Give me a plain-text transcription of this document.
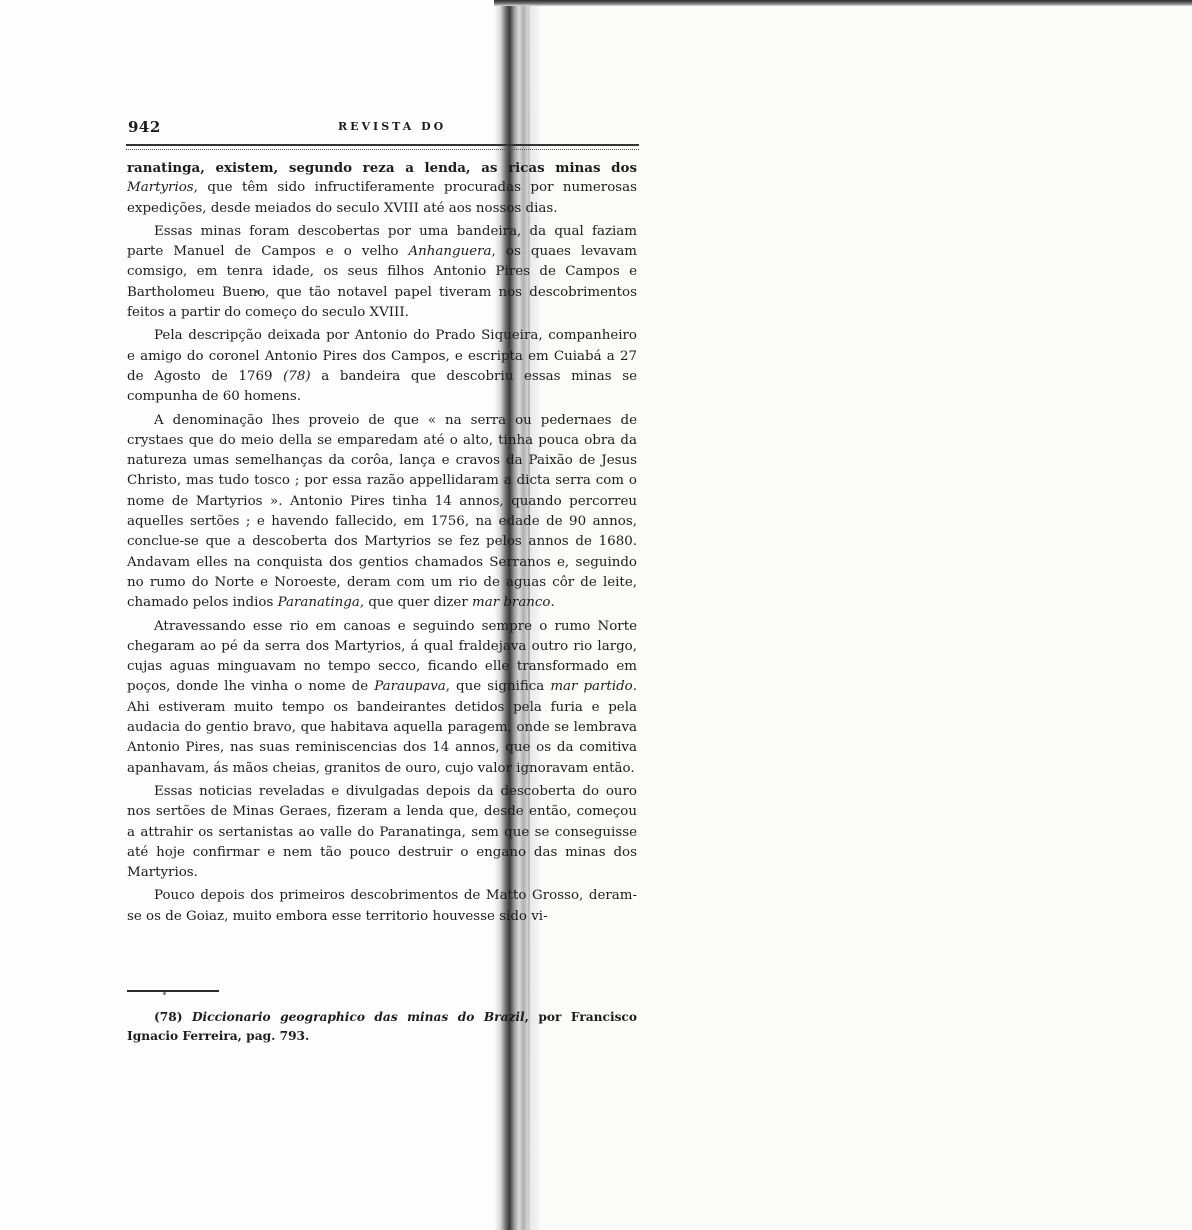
942	REVISTA DO

ranatinga, existem, segundo reza a lenda, as ricas minas dos Martyrios, que têm sido infructiferamente procuradas por numerosas expedições, desde meiados do seculo XVIII até aos nossos dias.

Essas minas foram descobertas por uma bandeira, da qual faziam parte Manuel de Campos e o velho Anhanguera, os quaes levavam comsigo, em tenra idade, os seus filhos Antonio Pires de Campos e Bartholomeu Bueno, que tão notavel papel tiveram nos descobrimentos feitos a partir do começo do seculo XVIII.

Pela descripção deixada por Antonio do Prado Siqueira, companheiro e amigo do coronel Antonio Pires dos Campos, e escripta em Cuiabá a 27 de Agosto de 1769 (78) a bandeira que descobriu essas minas se compunha de 60 homens.

A denominação lhes proveio de que « na serra ou pedernaes de crystaes que do meio della se emparedam até o alto, tinha pouca obra da natureza umas semelhanças da corôa, lança e cravos da Paixão de Jesus Christo, mas tudo tosco ; por essa razão appellidaram a dicta serra com o nome de Martyrios ». Antonio Pires tinha 14 annos, quando percorreu aquelles sertões ; e havendo fallecido, em 1756, na edade de 90 annos, conclue-se que a descoberta dos Martyrios se fez pelos annos de 1680. Andavam elles na conquista dos gentios chamados Serranos e, seguindo no rumo do Norte e Noroeste, deram com um rio de aguas côr de leite, chamado pelos indios Paranatinga, que quer dizer mar branco.

Atravessando esse rio em canoas e seguindo sempre o rumo Norte chegaram ao pé da serra dos Martyrios, á qual fraldejava outro rio largo, cujas aguas minguavam no tempo secco, ficando elle transformado em poços, donde lhe vinha o nome de Paraupava, que significa mar partido. Ahi estiveram muito tempo os bandeirantes detidos pela furia e pela audacia do gentio bravo, que habitava aquella paragem, onde se lembrava Antonio Pires, nas suas reminiscencias dos 14 annos, que os da comitiva apanhavam, ás mãos cheias, granitos de ouro, cujo valor ignoravam então.

Essas noticias reveladas e divulgadas depois da descoberta do ouro nos sertões de Minas Geraes, fizeram a lenda que, desde então, começou a attrahir os sertanistas ao valle do Paranatinga, sem que se conseguisse até hoje confirmar e nem tão pouco destruir o engano das minas dos Martyrios.

Pouco depois dos primeiros descobrimentos de Matto Grosso, deram-se os de Goiaz, muito embora esse territorio houvesse sido vi-

(78) Diccionario geographico das minas do Brazil, por Francisco Ignacio Ferreira, pag. 793.
